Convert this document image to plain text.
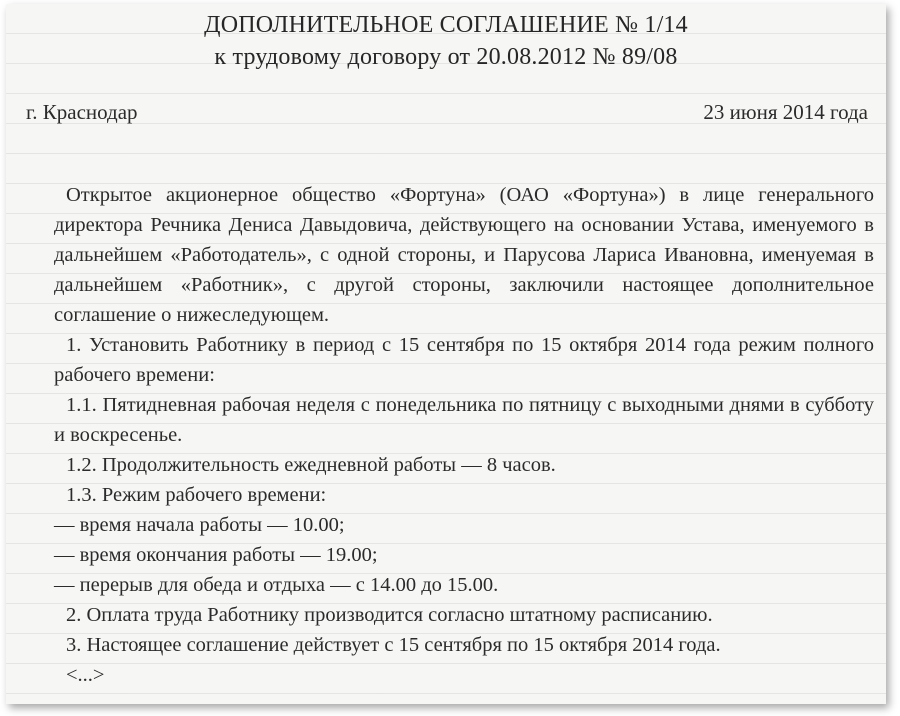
ДОПОЛНИТЕЛЬНОЕ СОГЛАШЕНИЕ № 1/14
к трудовому договору от 20.08.2012 № 89/08
г. Краснодар	23 июня 2014 года

Открытое акционерное общество «Фортуна» (ОАО «Фортуна») в лице генерального директора Речника Дениса Давыдовича, действующего на основании Устава, именуемого в дальнейшем «Работодатель», с одной стороны, и Парусова Лариса Ивановна, именуемая в дальнейшем «Работник», с другой стороны, заключили настоящее дополнительное соглашение о нижеследующем.

1. Установить Работнику в период с 15 сентября по 15 октября 2014 года режим полного рабочего времени:

1.1. Пятидневная рабочая неделя с понедельника по пятницу с выходными днями в субботу и воскресенье.

1.2. Продолжительность ежедневной работы — 8 часов.

1.3. Режим рабочего времени:

— время начала работы — 10.00;

— время окончания работы — 19.00;

— перерыв для обеда и отдыха — с 14.00 до 15.00.

2. Оплата труда Работнику производится согласно штатному расписанию.

3. Настоящее соглашение действует с 15 сентября по 15 октября 2014 года.

<...>
